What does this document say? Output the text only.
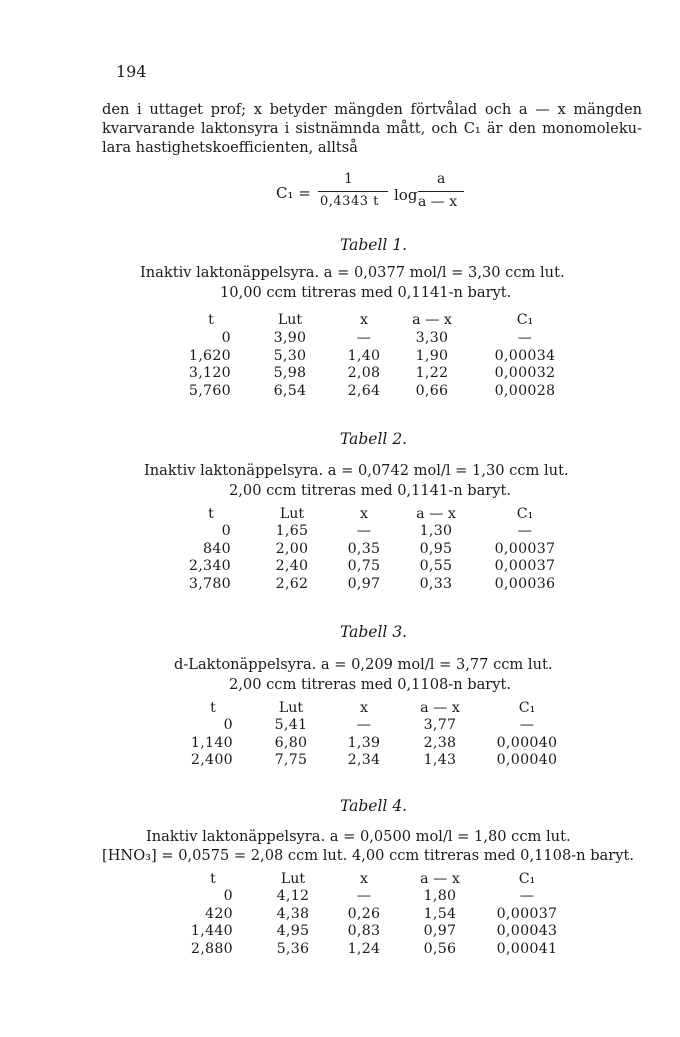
194
den i uttaget prof; x betyder mängden förtvålad och a — x mängden
kvarvarande laktonsyra i sistnämnda mått, och C₁ är den monomoleku-
lara hastighetskoefficienten, alltså
C₁ =
1
0,4343 t log
a
a — x
Tabell 1.
Inaktiv laktonäppelsyra. a = 0,0377 mol/l = 3,30 ccm lut.
10,00 ccm titreras med 0,1141-n baryt.
t	Lut	x	a — x	C₁
0	3,90	—	3,30	—
1,620	5,30	1,40	1,90	0,00034
3,120	5,98	2,08	1,22	0,00032
5,760	6,54	2,64	0,66	0,00028
Tabell 2.
Inaktiv laktonäppelsyra. a = 0,0742 mol/l = 1,30 ccm lut.
2,00 ccm titreras med 0,1141-n baryt.
t	Lut	x	a — x	C₁
0	1,65	—	1,30	—
840	2,00	0,35	0,95	0,00037
2,340	2,40	0,75	0,55	0,00037
3,780	2,62	0,97	0,33	0,00036
Tabell 3.
d-Laktonäppelsyra. a = 0,209 mol/l = 3,77 ccm lut.
2,00 ccm titreras med 0,1108-n baryt.
t	Lut	x	a — x	C₁
0	5,41	—	3,77	—
1,140	6,80	1,39	2,38	0,00040
2,400	7,75	2,34	1,43	0,00040
Tabell 4.
Inaktiv laktonäppelsyra. a = 0,0500 mol/l = 1,80 ccm lut.
[HNO₃] = 0,0575 = 2,08 ccm lut. 4,00 ccm titreras med 0,1108-n baryt.
t	Lut	x	a — x	C₁
0	4,12	—	1,80	—
420	4,38	0,26	1,54	0,00037
1,440	4,95	0,83	0,97	0,00043
2,880	5,36	1,24	0,56	0,00041
